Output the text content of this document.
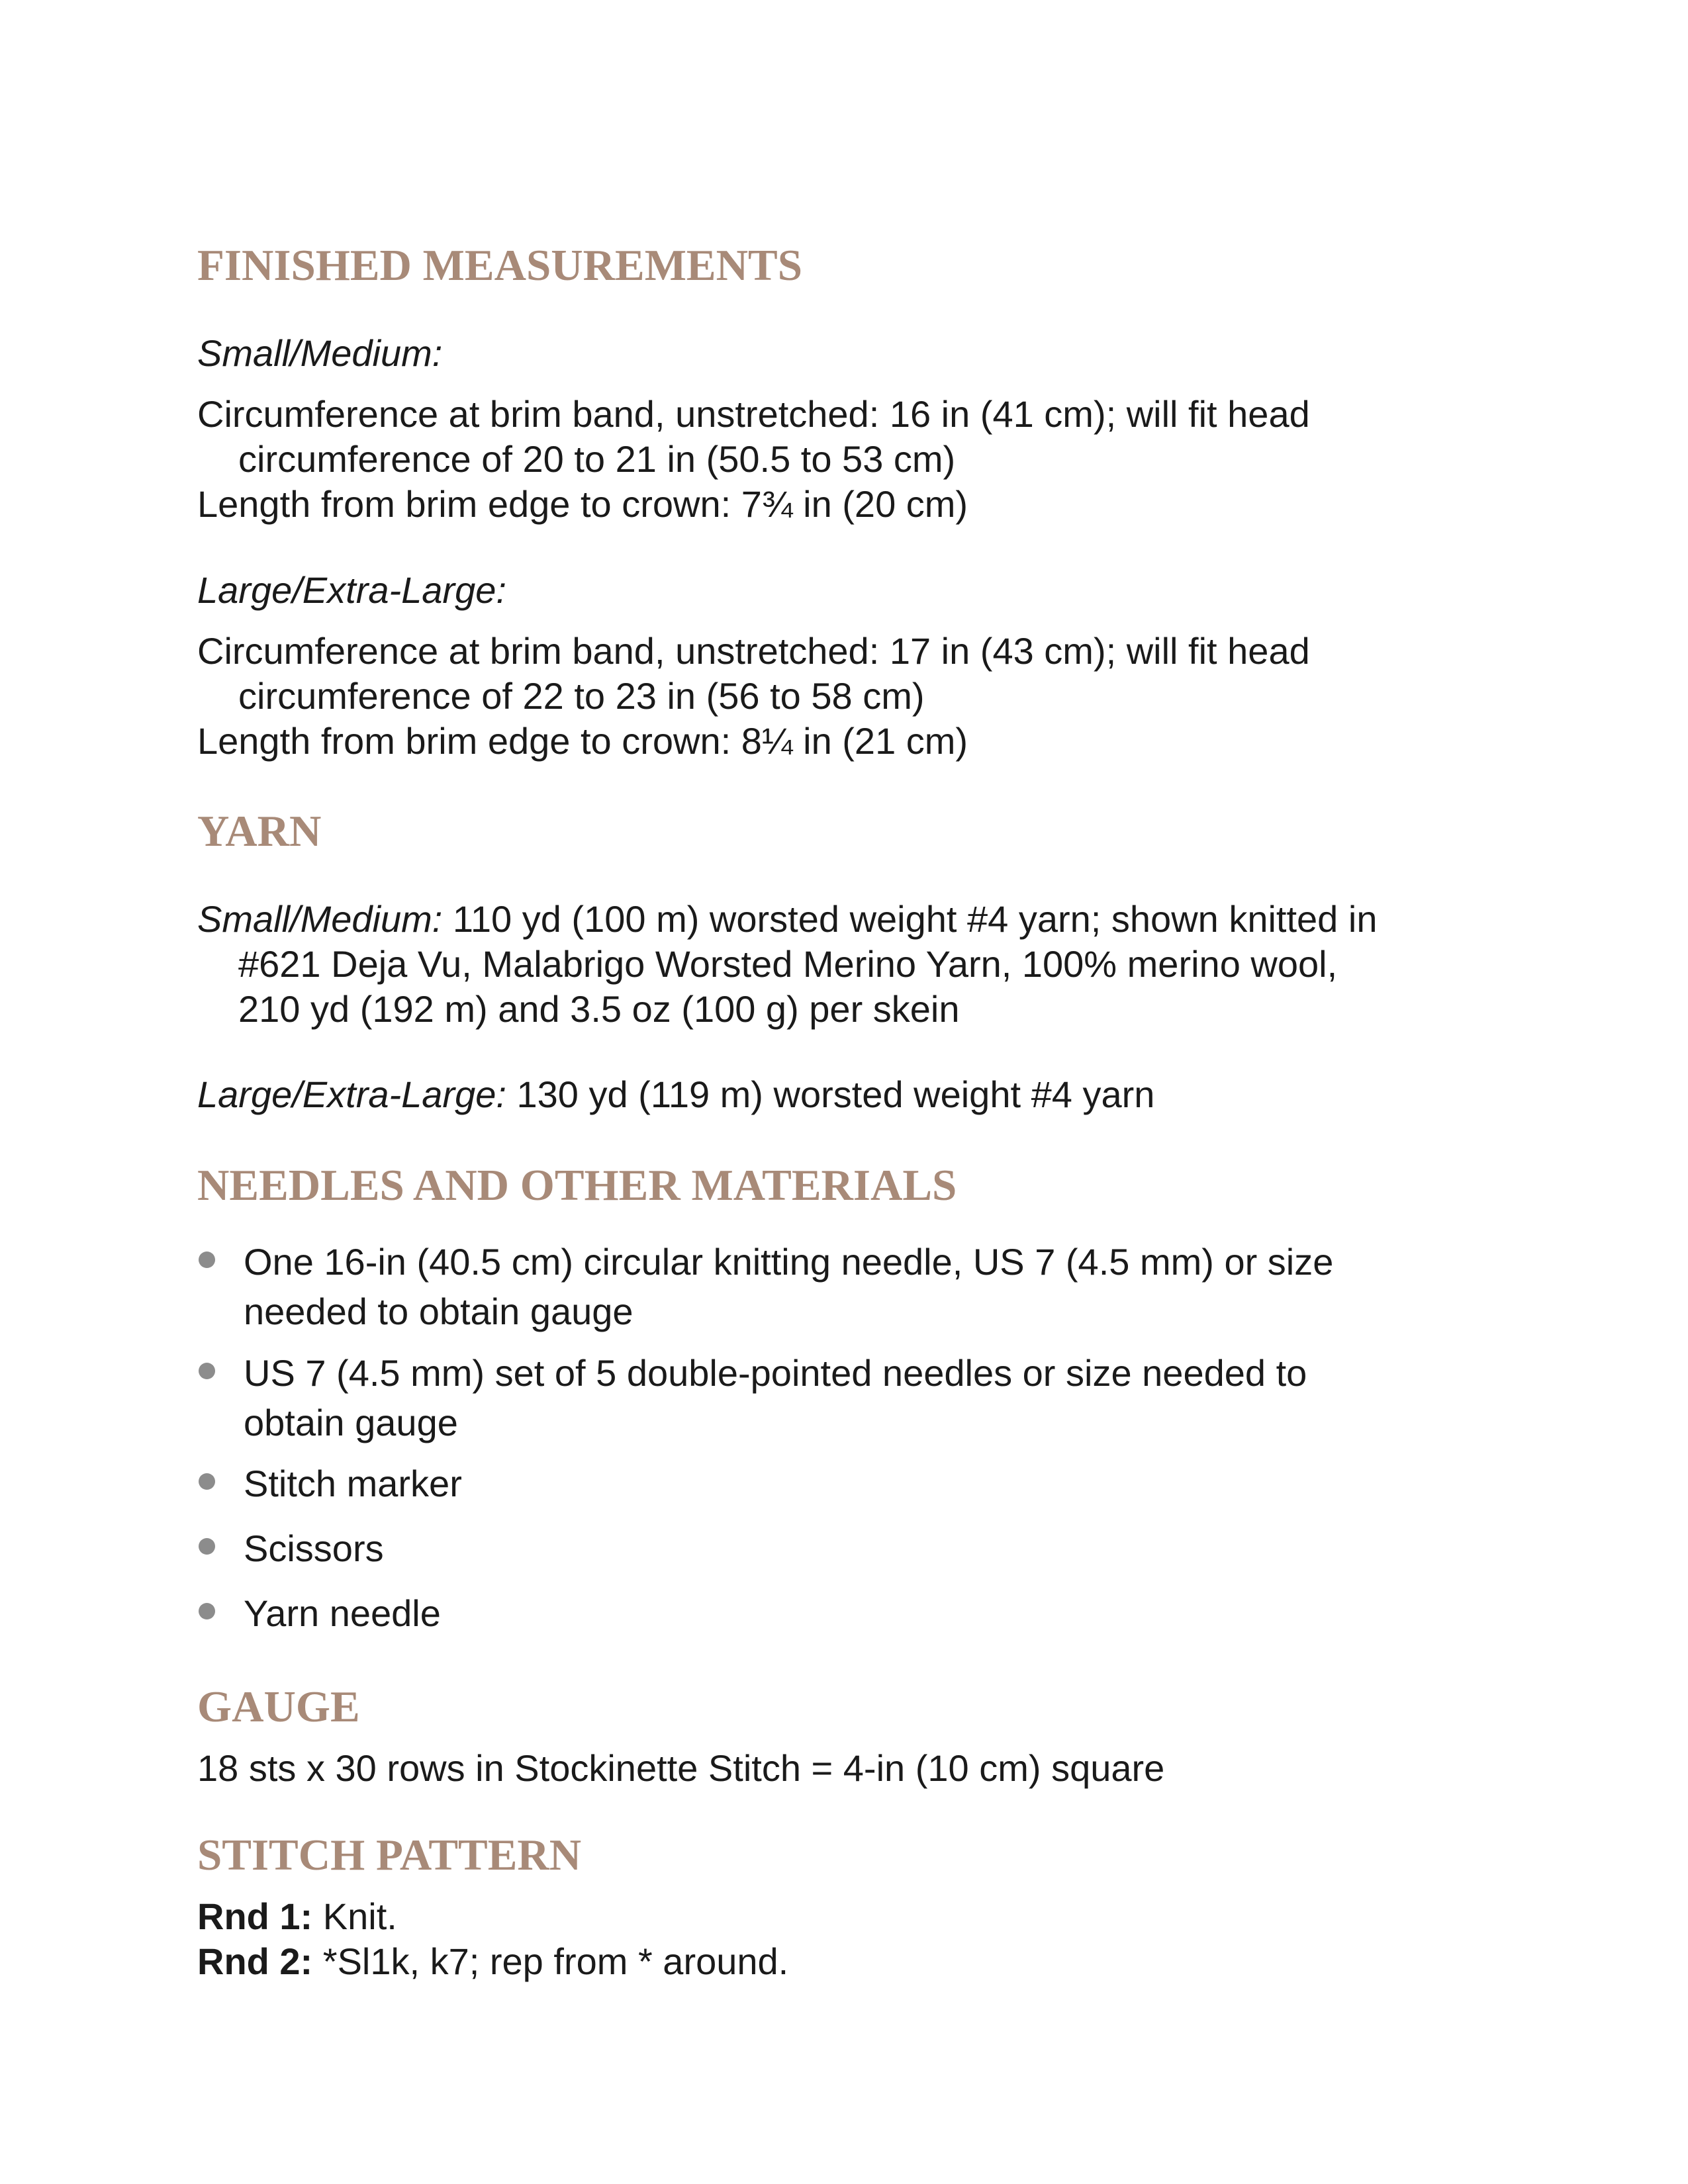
FINISHED MEASUREMENTS
Small/Medium:
Circumference at brim band, unstretched: 16 in (41 cm); will fit head
circumference of 20 to 21 in (50.5 to 53 cm)
Length from brim edge to crown: 7¾ in (20 cm)
Large/Extra-Large:
Circumference at brim band, unstretched: 17 in (43 cm); will fit head
circumference of 22 to 23 in (56 to 58 cm)
Length from brim edge to crown: 8¼ in (21 cm)
YARN
Small/Medium: 110 yd (100 m) worsted weight #4 yarn; shown knitted in
#621 Deja Vu, Malabrigo Worsted Merino Yarn, 100% merino wool,
210 yd (192 m) and 3.5 oz (100 g) per skein
Large/Extra-Large: 130 yd (119 m) worsted weight #4 yarn
NEEDLES AND OTHER MATERIALS
One 16-in (40.5 cm) circular knitting needle, US 7 (4.5 mm) or size
needed to obtain gauge
US 7 (4.5 mm) set of 5 double-pointed needles or size needed to
obtain gauge
Stitch marker
Scissors
Yarn needle
GAUGE
18 sts x 30 rows in Stockinette Stitch = 4-in (10 cm) square
STITCH PATTERN
Rnd 1: Knit.
Rnd 2: *Sl1k, k7; rep from * around.
